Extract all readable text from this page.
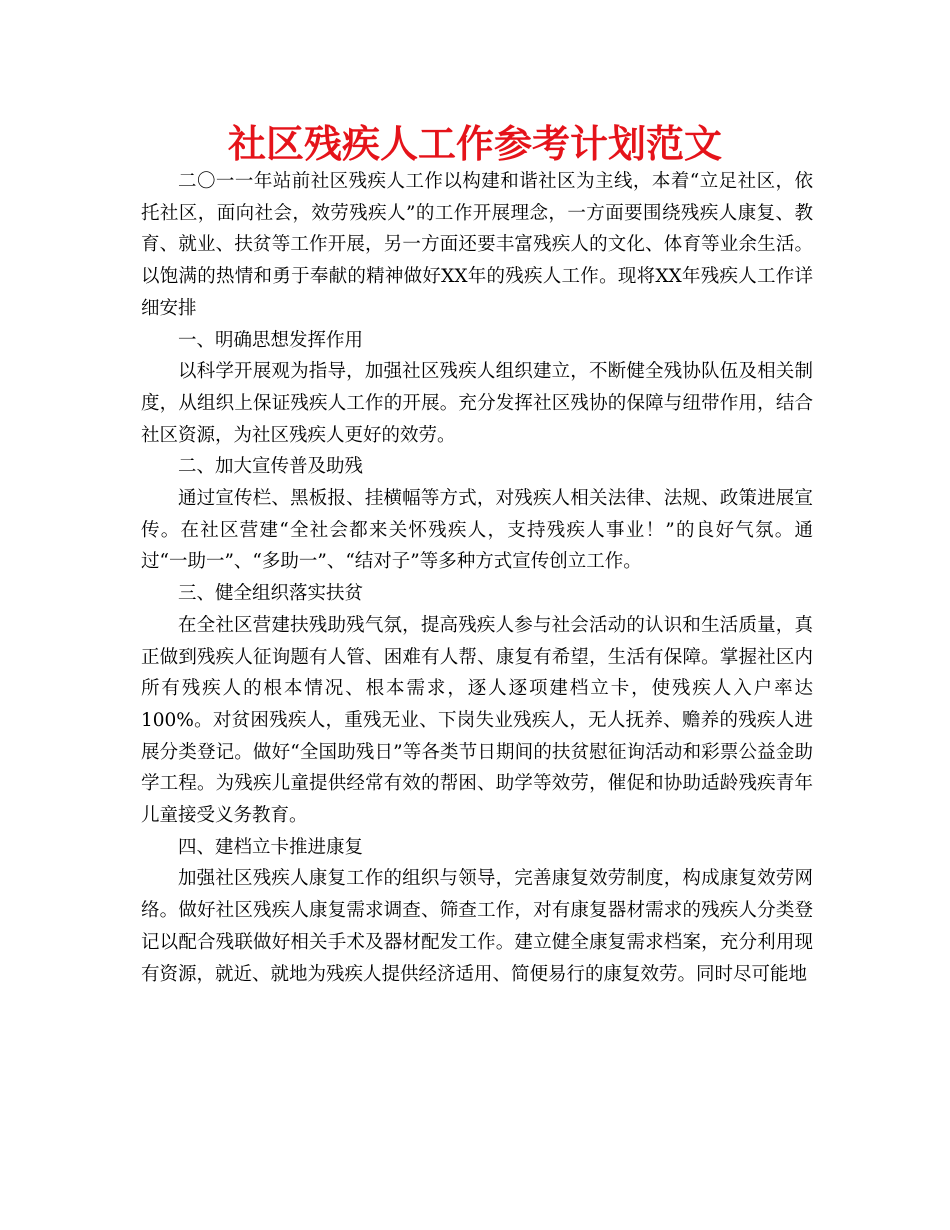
社区残疾人工作参考计划范文

二〇一一年站前社区残疾人工作以构建和谐社区为主线，本着“立足社区，依托社区，面向社会，效劳残疾人”的工作开展理念，一方面要围绕残疾人康复、教育、就业、扶贫等工作开展，另一方面还要丰富残疾人的文化、体育等业余生活。以饱满的热情和勇于奉献的精神做好XX年的残疾人工作。现将XX年残疾人工作详细安排

一、明确思想发挥作用

以科学开展观为指导，加强社区残疾人组织建立，不断健全残协队伍及相关制度，从组织上保证残疾人工作的开展。充分发挥社区残协的保障与纽带作用，结合社区资源，为社区残疾人更好的效劳。

二、加大宣传普及助残

通过宣传栏、黑板报、挂横幅等方式，对残疾人相关法律、法规、政策进展宣传。在社区营建“全社会都来关怀残疾人，支持残疾人事业！”的良好气氛。通过“一助一”、“多助一”、“结对子”等多种方式宣传创立工作。

三、健全组织落实扶贫

在全社区营建扶残助残气氛，提高残疾人参与社会活动的认识和生活质量，真正做到残疾人征询题有人管、困难有人帮、康复有希望，生活有保障。掌握社区内所有残疾人的根本情况、根本需求，逐人逐项建档立卡，使残疾人入户率达100%。对贫困残疾人，重残无业、下岗失业残疾人，无人抚养、赡养的残疾人进展分类登记。做好“全国助残日”等各类节日期间的扶贫慰征询活动和彩票公益金助学工程。为残疾儿童提供经常有效的帮困、助学等效劳，催促和协助适龄残疾青年儿童接受义务教育。

四、建档立卡推进康复

加强社区残疾人康复工作的组织与领导，完善康复效劳制度，构成康复效劳网络。做好社区残疾人康复需求调查、筛查工作，对有康复器材需求的残疾人分类登记以配合残联做好相关手术及器材配发工作。建立健全康复需求档案，充分利用现有资源，就近、就地为残疾人提供经济适用、简便易行的康复效劳。同时尽可能地
